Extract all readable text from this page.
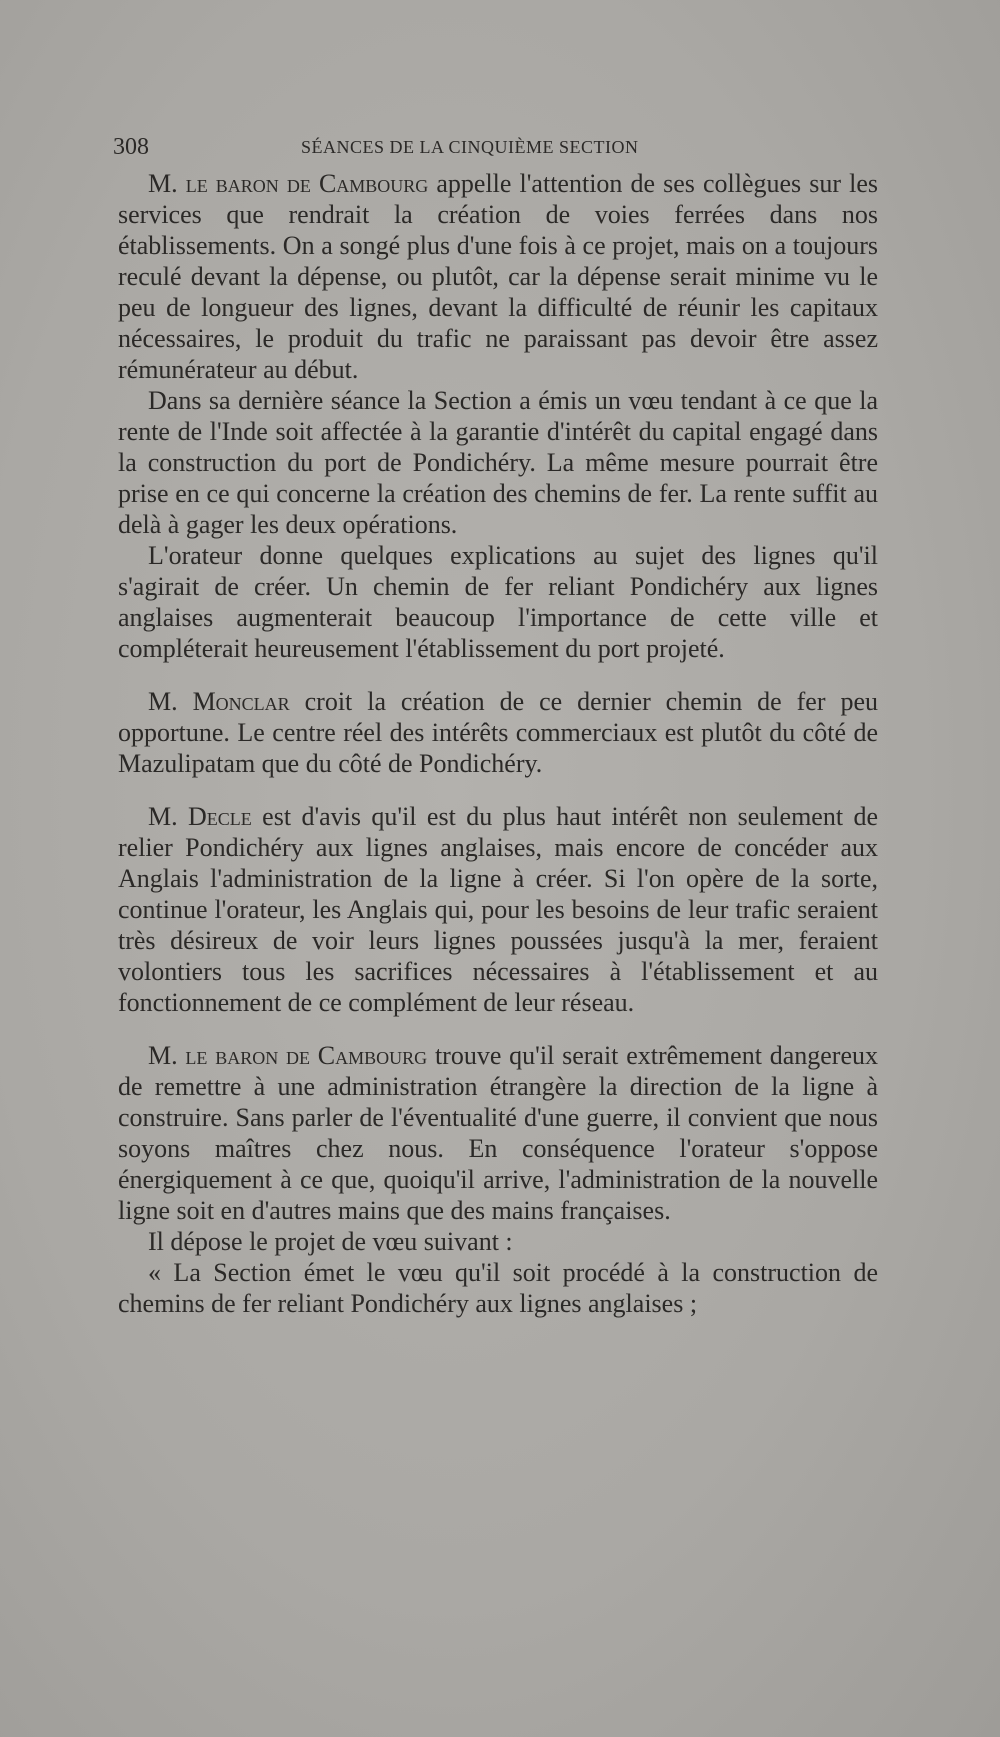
308	SÉANCES DE LA CINQUIÈME SECTION

M. le baron de Cambourg appelle l'attention de ses collègues sur les services que rendrait la création de voies ferrées dans nos établissements. On a songé plus d'une fois à ce projet, mais on a toujours reculé devant la dépense, ou plutôt, car la dépense serait minime vu le peu de longueur des lignes, devant la difficulté de réunir les capitaux nécessaires, le produit du trafic ne paraissant pas devoir être assez rémunérateur au début.

Dans sa dernière séance la Section a émis un vœu tendant à ce que la rente de l'Inde soit affectée à la garantie d'intérêt du capital engagé dans la construction du port de Pondichéry. La même mesure pourrait être prise en ce qui concerne la création des chemins de fer. La rente suffit au delà à gager les deux opérations.

L'orateur donne quelques explications au sujet des lignes qu'il s'agirait de créer. Un chemin de fer reliant Pondichéry aux lignes anglaises augmenterait beaucoup l'importance de cette ville et compléterait heureusement l'établissement du port projeté.

M. Monclar croit la création de ce dernier chemin de fer peu opportune. Le centre réel des intérêts commerciaux est plutôt du côté de Mazulipatam que du côté de Pondichéry.

M. Decle est d'avis qu'il est du plus haut intérêt non seulement de relier Pondichéry aux lignes anglaises, mais encore de concéder aux Anglais l'administration de la ligne à créer. Si l'on opère de la sorte, continue l'orateur, les Anglais qui, pour les besoins de leur trafic seraient très désireux de voir leurs lignes poussées jusqu'à la mer, feraient volontiers tous les sacrifices nécessaires à l'établissement et au fonctionnement de ce complément de leur réseau.

M. le baron de Cambourg trouve qu'il serait extrêmement dangereux de remettre à une administration étrangère la direction de la ligne à construire. Sans parler de l'éventualité d'une guerre, il convient que nous soyons maîtres chez nous. En conséquence l'orateur s'oppose énergiquement à ce que, quoiqu'il arrive, l'administration de la nouvelle ligne soit en d'autres mains que des mains françaises.

Il dépose le projet de vœu suivant :

« La Section émet le vœu qu'il soit procédé à la construction de chemins de fer reliant Pondichéry aux lignes anglaises ;
